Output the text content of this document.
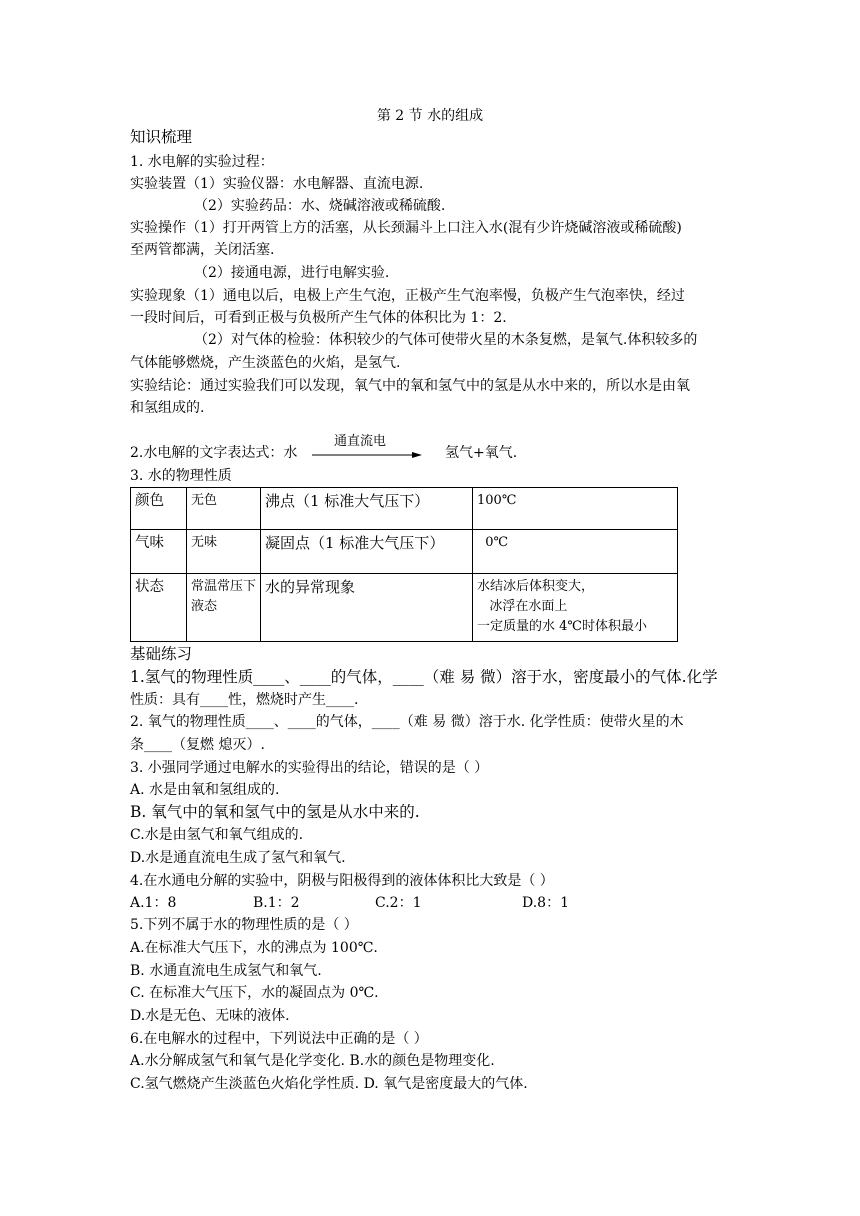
第 2 节 水的组成
知识梳理
1. 水电解的实验过程：
实验装置（1）实验仪器：水电解器、直流电源.
（2）实验药品：水、烧碱溶液或稀硫酸.
实验操作（1）打开两管上方的活塞，从长颈漏斗上口注入水(混有少许烧碱溶液或稀硫酸)
至两管都满，关闭活塞.
（2）接通电源，进行电解实验.
实验现象（1）通电以后，电极上产生气泡，正极产生气泡率慢，负极产生气泡率快，经过
一段时间后，可看到正极与负极所产生气体的体积比为 1：2.
（2）对气体的检验：体积较少的气体可使带火星的木条复燃，是氧气.体积较多的
气体能够燃烧，产生淡蓝色的火焰，是氢气.
实验结论：通过实验我们可以发现，氧气中的氧和氢气中的氢是从水中来的，所以水是由氧
和氢组成的.
2.水电解的文字表达式：水
通直流电
氢气+氧气.
3. 水的物理性质
颜色	无色	沸点（1 标准大气压下）	100℃
气味	无味	凝固点（1 标准大气压下）	0℃
状态	常温常压下液态	水的异常现象	水结冰后体积变大，
冰浮在水面上
一定质量的水 4℃时体积最小
基础练习
1.氢气的物理性质____、____的气体，____（难 易 微）溶于水，密度最小的气体.化学
性质：具有____性，燃烧时产生____.
2. 氧气的物理性质____、____的气体，____（难 易 微）溶于水. 化学性质：使带火星的木
条____（复燃 熄灭）.
3. 小强同学通过电解水的实验得出的结论，错误的是（ ）
A. 水是由氧和氢组成的.
B. 氧气中的氧和氢气中的氢是从水中来的.
C.水是由氢气和氧气组成的.
D.水是通直流电生成了氢气和氧气.
4.在水通电分解的实验中，阴极与阳极得到的液体体积比大致是（ ）
A.1：8	B.1：2	C.2：1	D.8：1
5.下列不属于水的物理性质的是（ ）
A.在标准大气压下，水的沸点为 100℃.
B. 水通直流电生成氢气和氧气.
C. 在标准大气压下，水的凝固点为 0℃.
D.水是无色、无味的液体.
6.在电解水的过程中，下列说法中正确的是（ ）
A.水分解成氢气和氧气是化学变化. B.水的颜色是物理变化.
C.氢气燃烧产生淡蓝色火焰化学性质. D. 氧气是密度最大的气体.
